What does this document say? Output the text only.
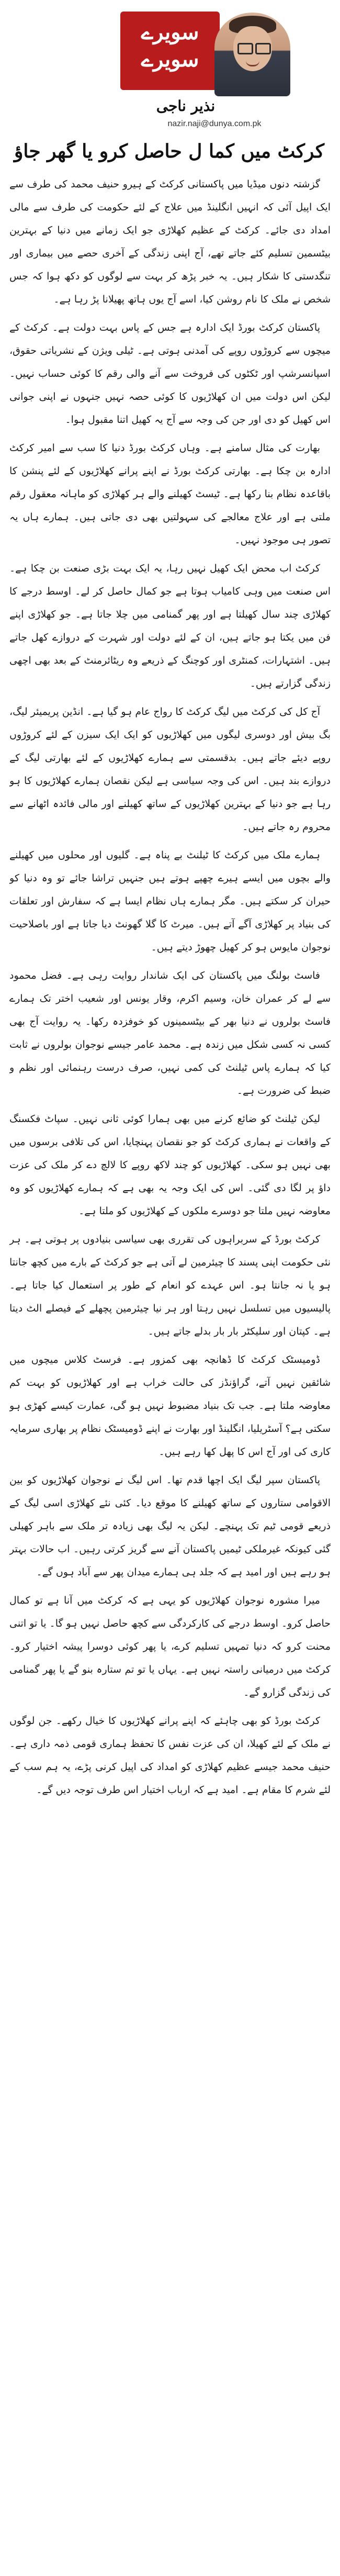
سویرے
سویرے
نذیر ناجی
nazir.naji@dunya.com.pk
کرکٹ میں کما ل حاصل کرو یا گھر جاؤ

گزشتہ دنوں میڈیا میں پاکستانی کرکٹ کے ہیرو حنیف محمد کی طرف سے ایک اپیل آئی کہ انہیں انگلینڈ میں علاج کے لئے حکومت کی طرف سے مالی امداد دی جائے۔ کرکٹ کے عظیم کھلاڑی جو ایک زمانے میں دنیا کے بہترین بیٹسمین تسلیم کئے جاتے تھے، آج اپنی زندگی کے آخری حصے میں بیماری اور تنگدستی کا شکار ہیں۔ یہ خبر پڑھ کر بہت سے لوگوں کو دکھ ہوا کہ جس شخص نے ملک کا نام روشن کیا، اسے آج یوں ہاتھ پھیلانا پڑ رہا ہے۔

پاکستان کرکٹ بورڈ ایک ادارہ ہے جس کے پاس بہت دولت ہے۔ کرکٹ کے میچوں سے کروڑوں روپے کی آمدنی ہوتی ہے۔ ٹیلی ویژن کے نشریاتی حقوق، اسپانسرشپ اور ٹکٹوں کی فروخت سے آنے والی رقم کا کوئی حساب نہیں۔ لیکن اس دولت میں ان کھلاڑیوں کا کوئی حصہ نہیں جنہوں نے اپنی جوانی اس کھیل کو دی اور جن کی وجہ سے آج یہ کھیل اتنا مقبول ہوا۔

بھارت کی مثال سامنے ہے۔ وہاں کرکٹ بورڈ دنیا کا سب سے امیر کرکٹ ادارہ بن چکا ہے۔ بھارتی کرکٹ بورڈ نے اپنے پرانے کھلاڑیوں کے لئے پنشن کا باقاعدہ نظام بنا رکھا ہے۔ ٹیسٹ کھیلنے والے ہر کھلاڑی کو ماہانہ معقول رقم ملتی ہے اور علاج معالجے کی سہولتیں بھی دی جاتی ہیں۔ ہمارے ہاں یہ تصور ہی موجود نہیں۔

کرکٹ اب محض ایک کھیل نہیں رہا، یہ ایک بہت بڑی صنعت بن چکا ہے۔ اس صنعت میں وہی کامیاب ہوتا ہے جو کمال حاصل کر لے۔ اوسط درجے کا کھلاڑی چند سال کھیلتا ہے اور پھر گمنامی میں چلا جاتا ہے۔ جو کھلاڑی اپنے فن میں یکتا ہو جاتے ہیں، ان کے لئے دولت اور شہرت کے دروازے کھل جاتے ہیں۔ اشتہارات، کمنٹری اور کوچنگ کے ذریعے وہ ریٹائرمنٹ کے بعد بھی اچھی زندگی گزارتے ہیں۔

آج کل کی کرکٹ میں لیگ کرکٹ کا رواج عام ہو گیا ہے۔ انڈین پریمیئر لیگ، بگ بیش اور دوسری لیگوں میں کھلاڑیوں کو ایک ایک سیزن کے لئے کروڑوں روپے دیئے جاتے ہیں۔ بدقسمتی سے ہمارے کھلاڑیوں کے لئے بھارتی لیگ کے دروازے بند ہیں۔ اس کی وجہ سیاسی ہے لیکن نقصان ہمارے کھلاڑیوں کا ہو رہا ہے جو دنیا کے بہترین کھلاڑیوں کے ساتھ کھیلنے اور مالی فائدہ اٹھانے سے محروم رہ جاتے ہیں۔

ہمارے ملک میں کرکٹ کا ٹیلنٹ بے پناہ ہے۔ گلیوں اور محلوں میں کھیلنے والے بچوں میں ایسے ہیرے چھپے ہوتے ہیں جنہیں تراشا جائے تو وہ دنیا کو حیران کر سکتے ہیں۔ مگر ہمارے ہاں نظام ایسا ہے کہ سفارش اور تعلقات کی بنیاد پر کھلاڑی آگے آتے ہیں۔ میرٹ کا گلا گھونٹ دیا جاتا ہے اور باصلاحیت نوجوان مایوس ہو کر کھیل چھوڑ دیتے ہیں۔

فاسٹ بولنگ میں پاکستان کی ایک شاندار روایت رہی ہے۔ فضل محمود سے لے کر عمران خان، وسیم اکرم، وقار یونس اور شعیب اختر تک ہمارے فاسٹ بولروں نے دنیا بھر کے بیٹسمینوں کو خوفزدہ رکھا۔ یہ روایت آج بھی کسی نہ کسی شکل میں زندہ ہے۔ محمد عامر جیسے نوجوان بولروں نے ثابت کیا کہ ہمارے پاس ٹیلنٹ کی کمی نہیں، صرف درست رہنمائی اور نظم و ضبط کی ضرورت ہے۔

لیکن ٹیلنٹ کو ضائع کرنے میں بھی ہمارا کوئی ثانی نہیں۔ سپاٹ فکسنگ کے واقعات نے ہماری کرکٹ کو جو نقصان پہنچایا، اس کی تلافی برسوں میں بھی نہیں ہو سکی۔ کھلاڑیوں کو چند لاکھ روپے کا لالچ دے کر ملک کی عزت داؤ پر لگا دی گئی۔ اس کی ایک وجہ یہ بھی ہے کہ ہمارے کھلاڑیوں کو وہ معاوضہ نہیں ملتا جو دوسرے ملکوں کے کھلاڑیوں کو ملتا ہے۔

کرکٹ بورڈ کے سربراہوں کی تقرری بھی سیاسی بنیادوں پر ہوتی ہے۔ ہر نئی حکومت اپنی پسند کا چیئرمین لے آتی ہے جو کرکٹ کے بارے میں کچھ جانتا ہو یا نہ جانتا ہو۔ اس عہدے کو انعام کے طور پر استعمال کیا جاتا ہے۔ پالیسیوں میں تسلسل نہیں رہتا اور ہر نیا چیئرمین پچھلے کے فیصلے الٹ دیتا ہے۔ کپتان اور سلیکٹر بار بار بدلے جاتے ہیں۔

ڈومیسٹک کرکٹ کا ڈھانچہ بھی کمزور ہے۔ فرسٹ کلاس میچوں میں شائقین نہیں آتے، گراؤنڈز کی حالت خراب ہے اور کھلاڑیوں کو بہت کم معاوضہ ملتا ہے۔ جب تک بنیاد مضبوط نہیں ہو گی، عمارت کیسے کھڑی ہو سکتی ہے؟ آسٹریلیا، انگلینڈ اور بھارت نے اپنے ڈومیسٹک نظام پر بھاری سرمایہ کاری کی اور آج اس کا پھل کھا رہے ہیں۔

پاکستان سپر لیگ ایک اچھا قدم تھا۔ اس لیگ نے نوجوان کھلاڑیوں کو بین الاقوامی ستاروں کے ساتھ کھیلنے کا موقع دیا۔ کئی نئے کھلاڑی اسی لیگ کے ذریعے قومی ٹیم تک پہنچے۔ لیکن یہ لیگ بھی زیادہ تر ملک سے باہر کھیلی گئی کیونکہ غیرملکی ٹیمیں پاکستان آنے سے گریز کرتی رہیں۔ اب حالات بہتر ہو رہے ہیں اور امید ہے کہ جلد ہی ہمارے میدان پھر سے آباد ہوں گے۔

میرا مشورہ نوجوان کھلاڑیوں کو یہی ہے کہ کرکٹ میں آنا ہے تو کمال حاصل کرو۔ اوسط درجے کی کارکردگی سے کچھ حاصل نہیں ہو گا۔ یا تو اتنی محنت کرو کہ دنیا تمہیں تسلیم کرے، یا پھر کوئی دوسرا پیشہ اختیار کرو۔ کرکٹ میں درمیانی راستہ نہیں ہے۔ یہاں یا تو تم ستارہ بنو گے یا پھر گمنامی کی زندگی گزارو گے۔

کرکٹ بورڈ کو بھی چاہئے کہ اپنے پرانے کھلاڑیوں کا خیال رکھے۔ جن لوگوں نے ملک کے لئے کھیلا، ان کی عزت نفس کا تحفظ ہماری قومی ذمہ داری ہے۔ حنیف محمد جیسے عظیم کھلاڑی کو امداد کی اپیل کرنی پڑے، یہ ہم سب کے لئے شرم کا مقام ہے۔ امید ہے کہ ارباب اختیار اس طرف توجہ دیں گے۔
